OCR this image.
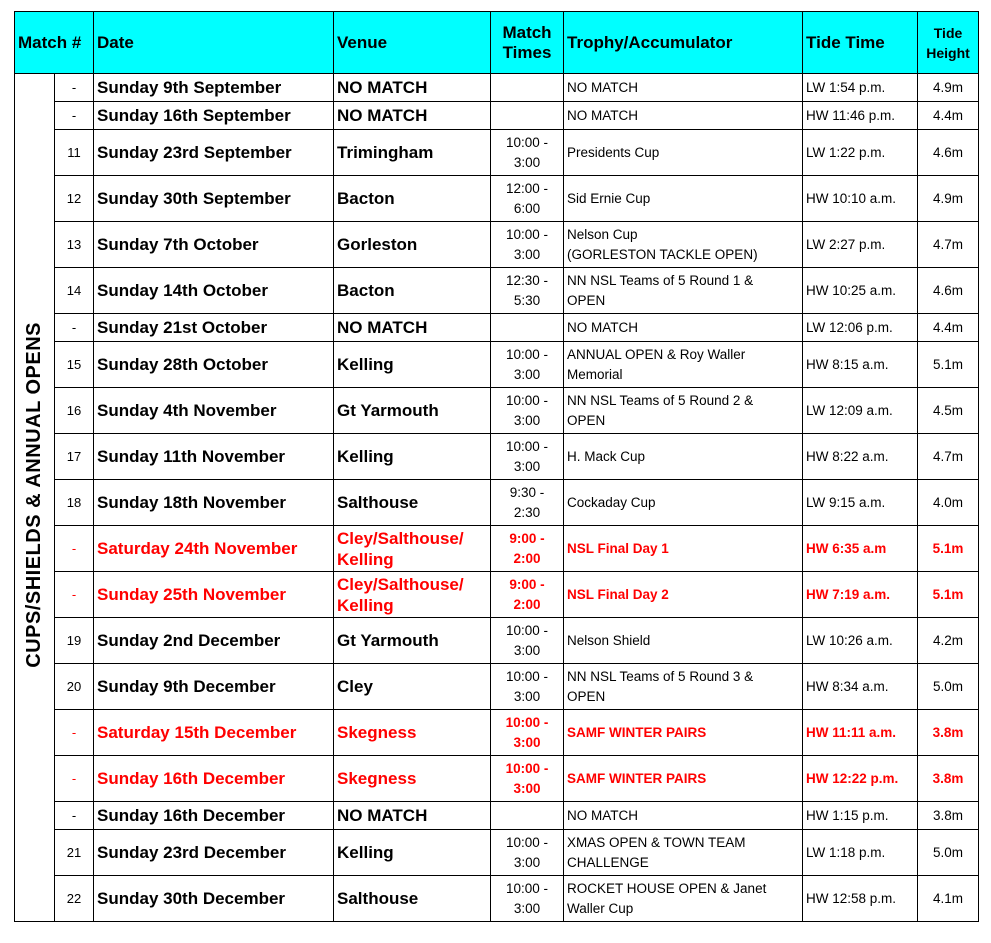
Match #		Date	Venue	Match
Times	Trophy/Accumulator	Tide Time	Tide
Height

CUPS/SHIELDS & ANNUAL OPENS	-	Sunday 9th September	NO MATCH		NO MATCH	LW 1:54 p.m.	4.9m

	-	Sunday 16th September	NO MATCH		NO MATCH	HW 11:46 p.m.	4.4m

	11	Sunday 23rd September	Trimingham	10:00 -
3:00	Presidents Cup	LW 1:22 p.m.	4.6m

	12	Sunday 30th September	Bacton	12:00 -
6:00	Sid Ernie Cup	HW 10:10 a.m.	4.9m

	13	Sunday 7th October	Gorleston	10:00 -
3:00	Nelson Cup
(GORLESTON TACKLE OPEN)	LW 2:27 p.m.	4.7m

	14	Sunday 14th October	Bacton	12:30 -
5:30	NN NSL Teams of 5 Round 1 &
OPEN	HW 10:25 a.m.	4.6m

	-	Sunday 21st October	NO MATCH		NO MATCH	LW 12:06 p.m.	4.4m

	15	Sunday 28th October	Kelling	10:00 -
3:00	ANNUAL OPEN & Roy Waller
Memorial	HW 8:15 a.m.	5.1m

	16	Sunday 4th November	Gt Yarmouth	10:00 -
3:00	NN NSL Teams of 5 Round 2 &
OPEN	LW 12:09 a.m.	4.5m

	17	Sunday 11th November	Kelling	10:00 -
3:00	H. Mack Cup	HW 8:22 a.m.	4.7m

	18	Sunday 18th November	Salthouse	9:30 -
2:30	Cockaday Cup	LW 9:15 a.m.	4.0m

	-	Saturday 24th November	Cley/Salthouse/
Kelling	9:00 -
2:00	NSL Final Day 1	HW 6:35 a.m	5.1m

	-	Sunday 25th November	Cley/Salthouse/
Kelling	9:00 -
2:00	NSL Final Day 2	HW 7:19 a.m.	5.1m

	19	Sunday 2nd December	Gt Yarmouth	10:00 -
3:00	Nelson Shield	LW 10:26 a.m.	4.2m

	20	Sunday 9th December	Cley	10:00 -
3:00	NN NSL Teams of 5 Round 3 &
OPEN	HW 8:34 a.m.	5.0m

	-	Saturday 15th December	Skegness	10:00 -
3:00	SAMF WINTER PAIRS	HW 11:11 a.m.	3.8m

	-	Sunday 16th December	Skegness	10:00 -
3:00	SAMF WINTER PAIRS	HW 12:22 p.m.	3.8m

	-	Sunday 16th December	NO MATCH		NO MATCH	HW 1:15 p.m.	3.8m

	21	Sunday 23rd December	Kelling	10:00 -
3:00	XMAS OPEN & TOWN TEAM
CHALLENGE	LW 1:18 p.m.	5.0m

	22	Sunday 30th December	Salthouse	10:00 -
3:00	ROCKET HOUSE OPEN & Janet
Waller Cup	HW 12:58 p.m.	4.1m
